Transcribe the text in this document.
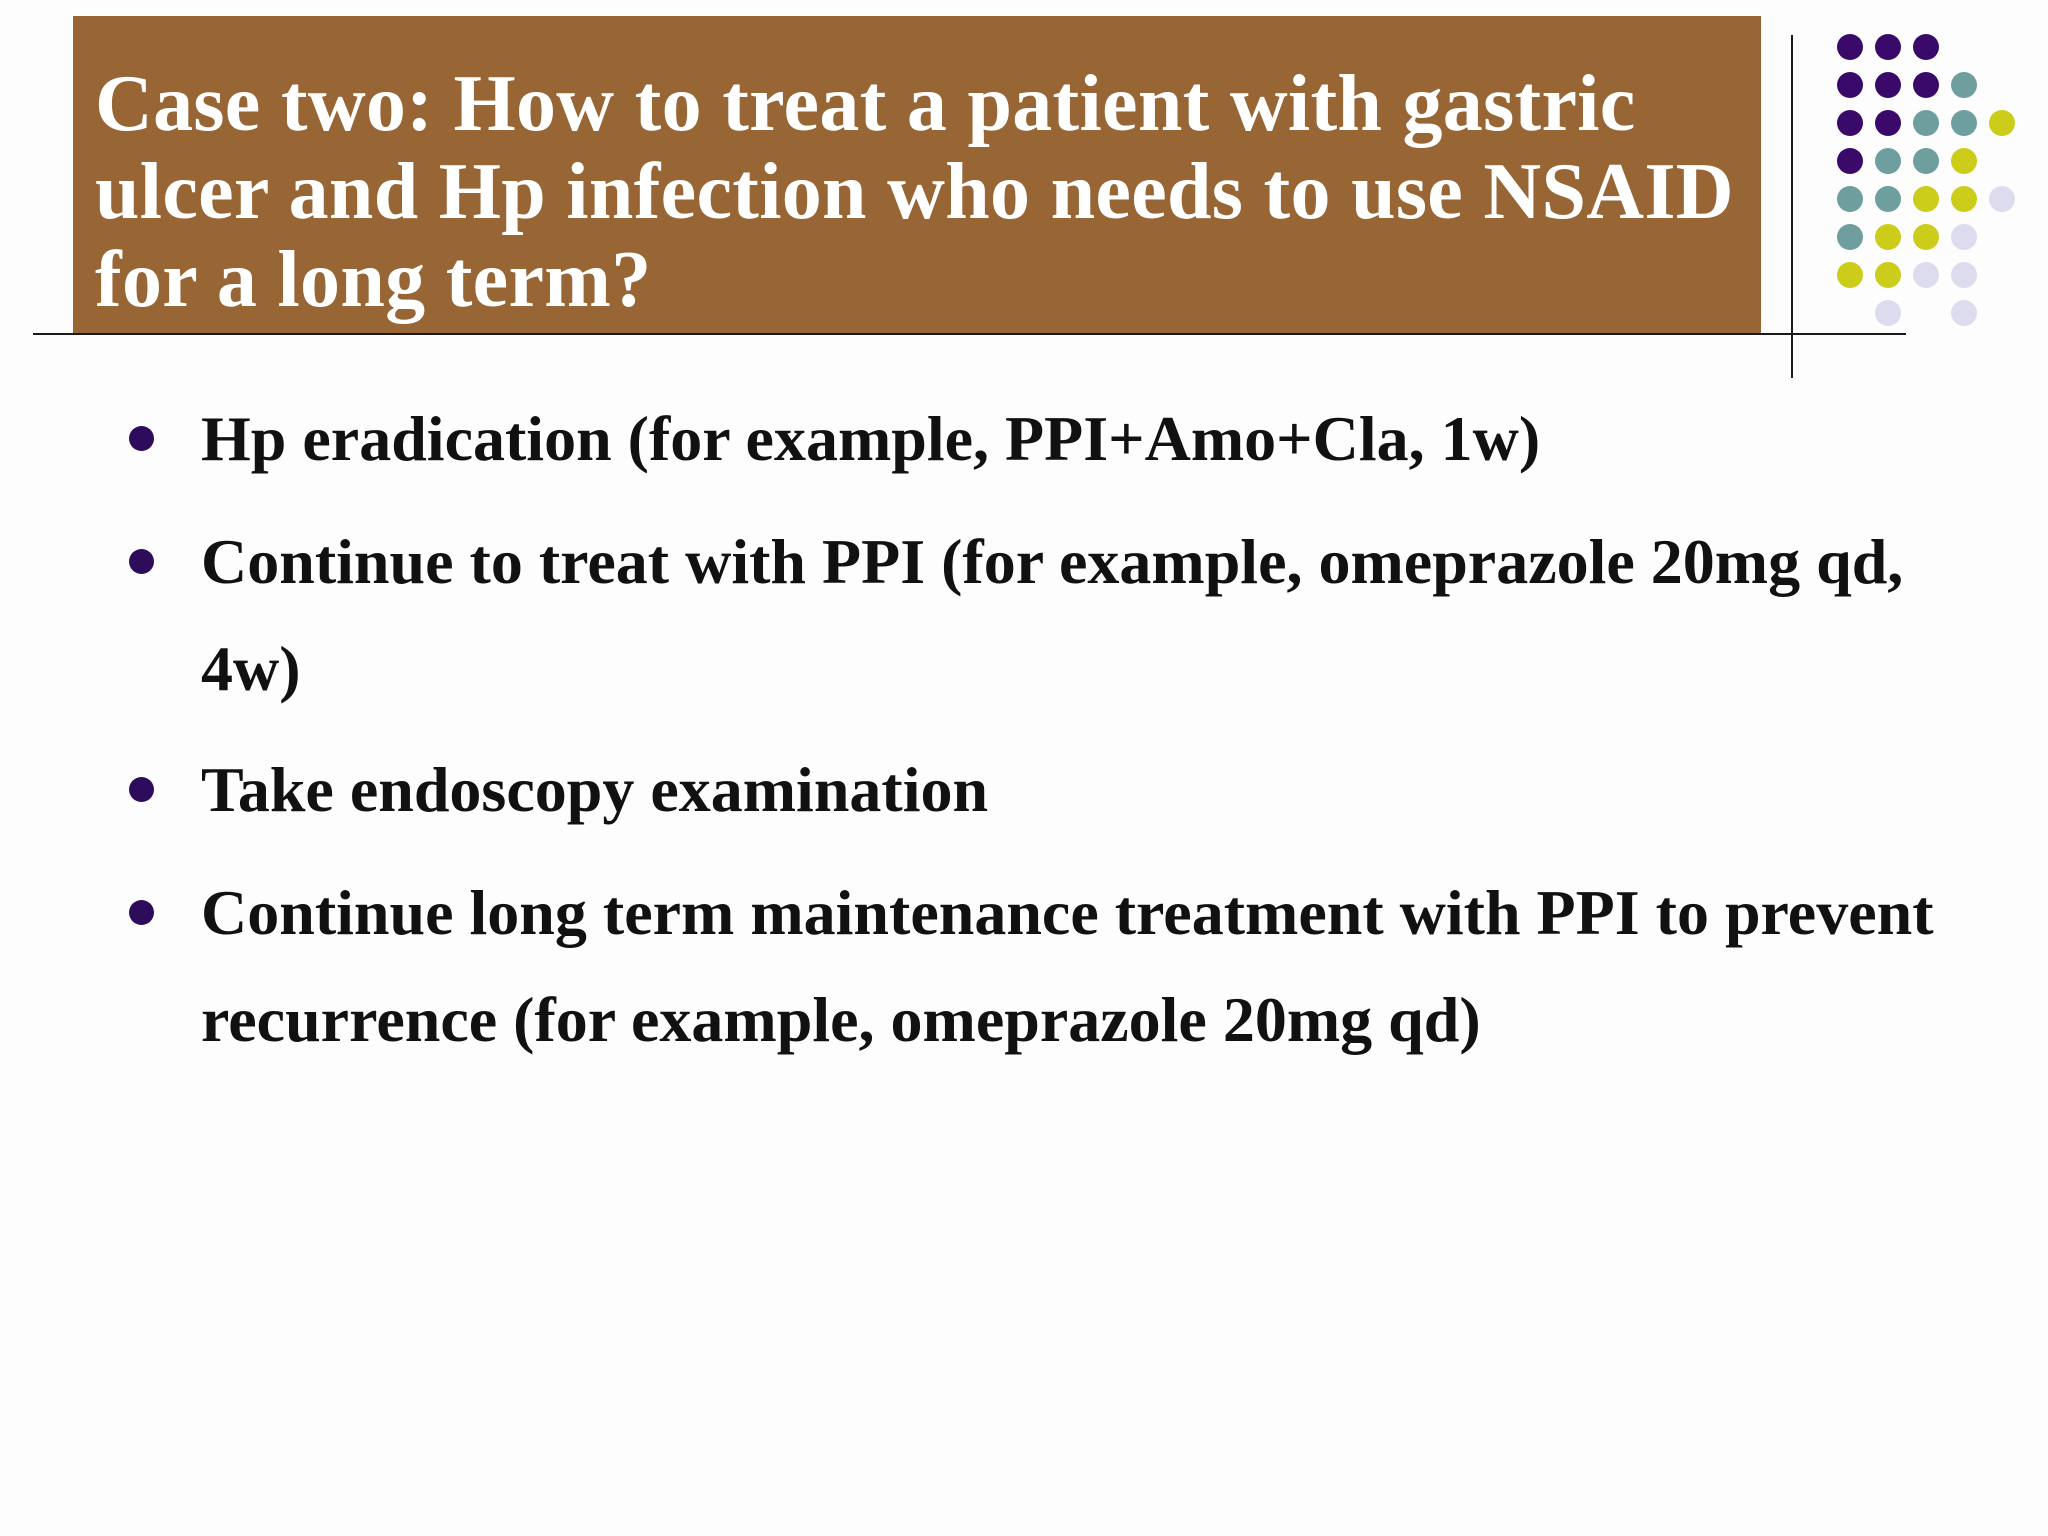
Case two: How to treat a patient with gastric ulcer and Hp infection who needs to use NSAID for a long term?
Hp eradication (for example, PPI+Amo+Cla, 1w)
Continue to treat with PPI (for example, omeprazole 20mg qd, 4w)
Take endoscopy examination
Continue long term maintenance treatment with PPI to prevent recurrence (for example, omeprazole 20mg qd)
